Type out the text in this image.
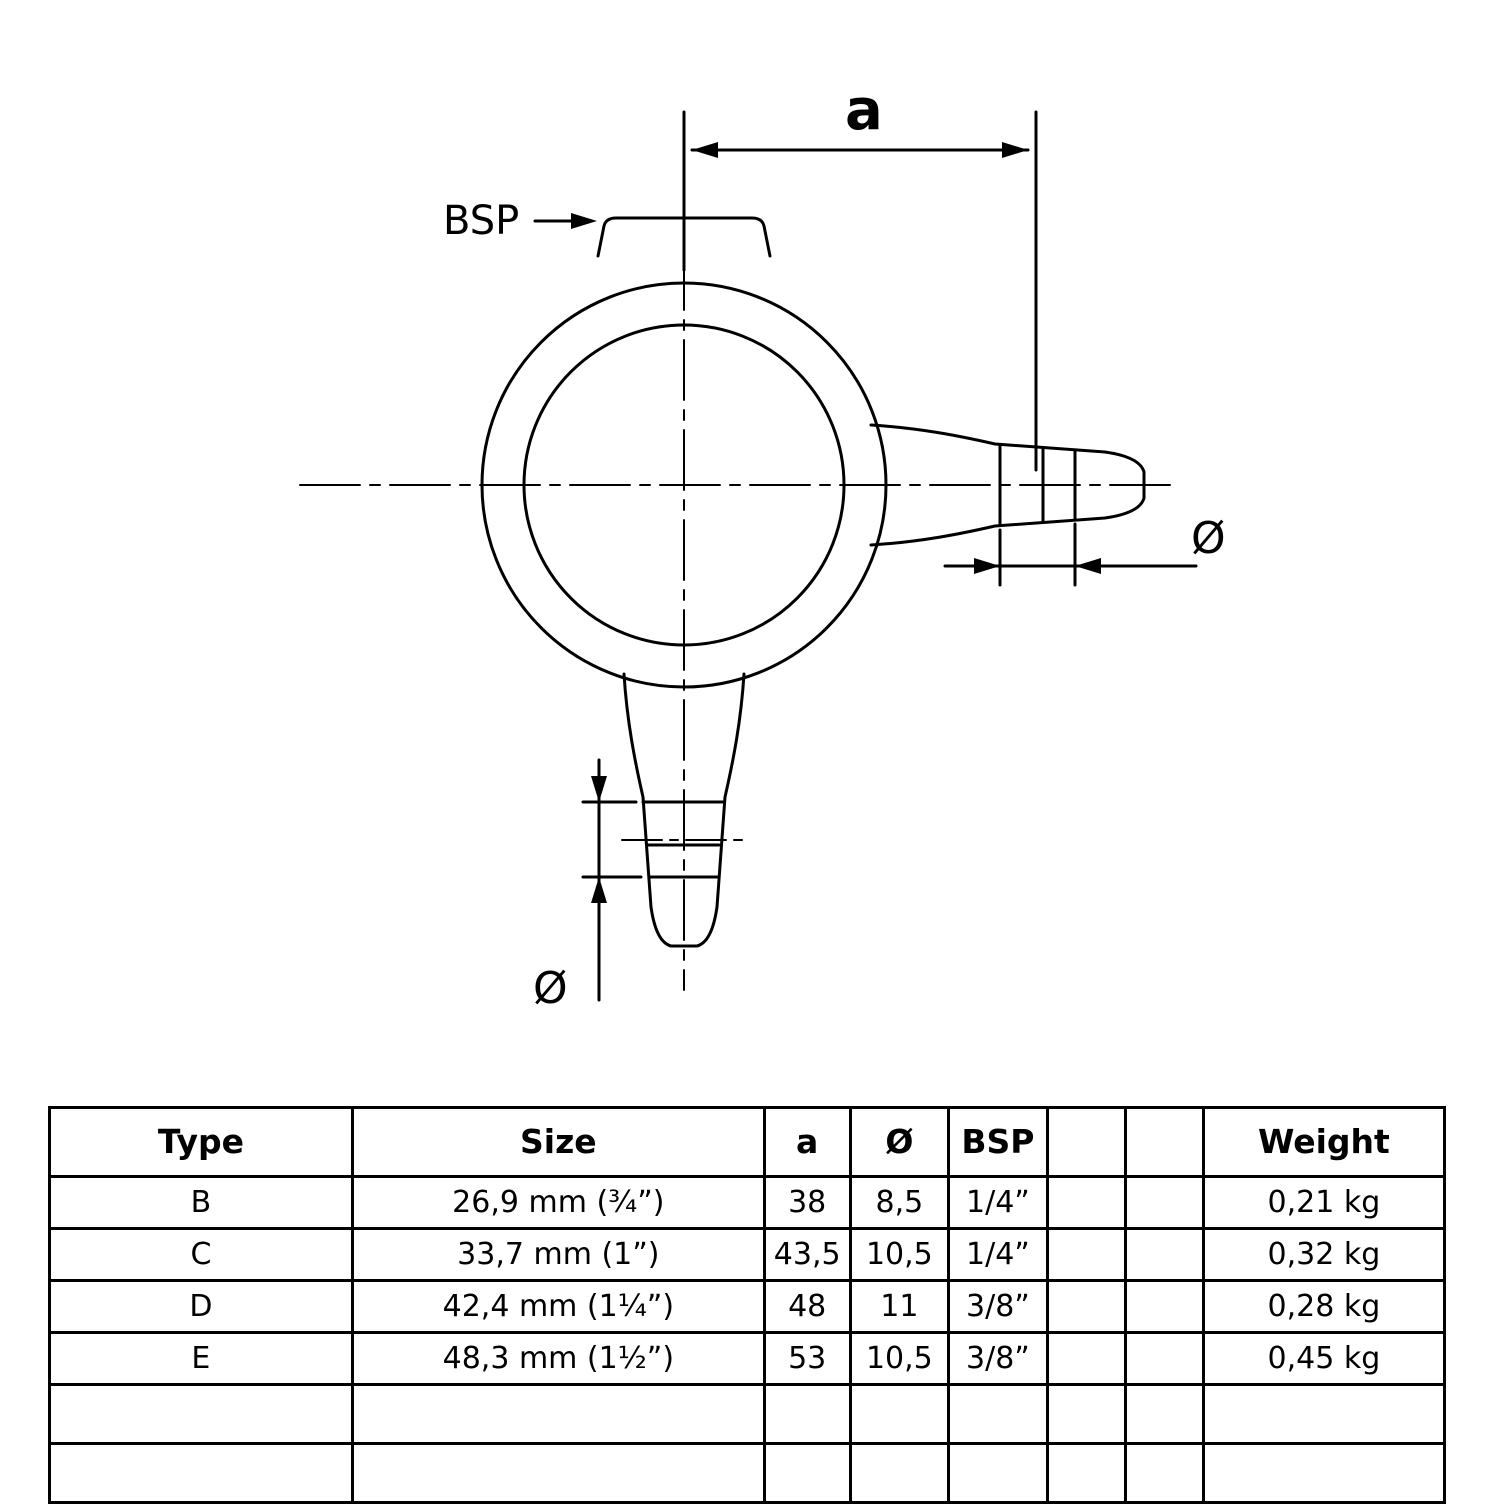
a
BSP
Ø
Ø
Type	Size	a	Ø	BSP			Weight
B	26,9 mm (¾”)	38	8,5	1/4”			0,21 kg
C	33,7 mm (1”)	43,5	10,5	1/4”			0,32 kg
D	42,4 mm (1¼”)	48	11	3/8”			0,28 kg
E	48,3 mm (1½”)	53	10,5	3/8”			0,45 kg
